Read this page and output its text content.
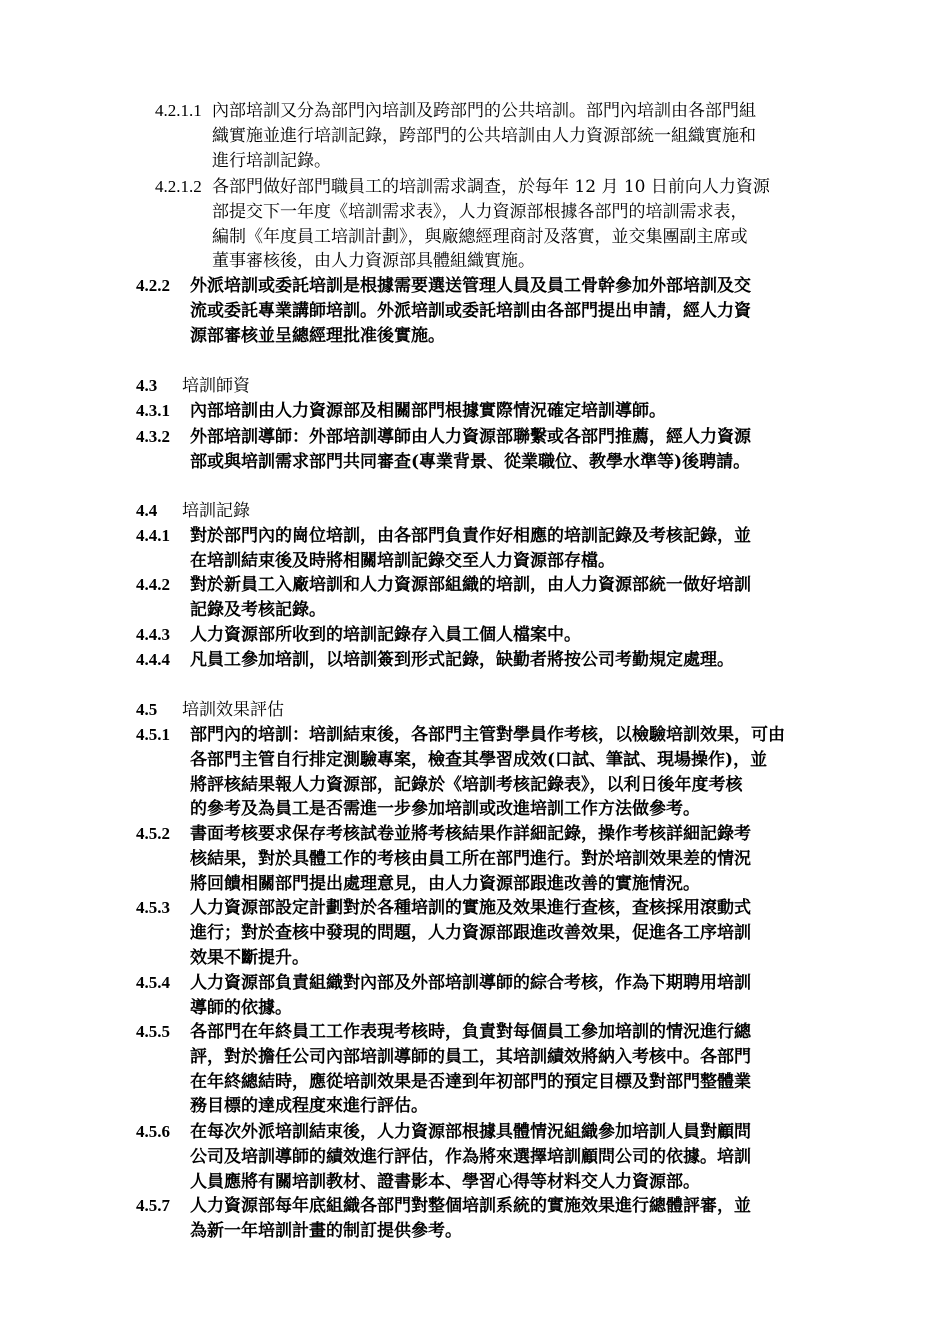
4.2.1.1 內部培訓又分為部門內培訓及跨部門的公共培訓。部門內培訓由各部門組
織實施並進行培訓記錄，跨部門的公共培訓由人力資源部統一組織實施和
進行培訓記錄。
4.2.1.2 各部門做好部門職員工的培訓需求調查，於每年 12 月 10 日前向人力資源
部提交下一年度《培訓需求表》，人力資源部根據各部門的培訓需求表，
編制《年度員工培訓計劃》，與廠總經理商討及落實，並交集團副主席或
董事審核後，由人力資源部具體組織實施。
4.2.2 外派培訓或委託培訓是根據需要選送管理人員及員工骨幹參加外部培訓及交
流或委託專業講師培訓。外派培訓或委託培訓由各部門提出申請，經人力資
源部審核並呈總經理批准後實施。
4.3 培訓師資
4.3.1 內部培訓由人力資源部及相關部門根據實際情況確定培訓導師。
4.3.2 外部培訓導師：外部培訓導師由人力資源部聯繫或各部門推薦，經人力資源
部或與培訓需求部門共同審查(專業背景、從業職位、教學水準等)後聘請。
4.4 培訓記錄
4.4.1 對於部門內的崗位培訓，由各部門負責作好相應的培訓記錄及考核記錄，並
在培訓結束後及時將相關培訓記錄交至人力資源部存檔。
4.4.2 對於新員工入廠培訓和人力資源部組織的培訓，由人力資源部統一做好培訓
記錄及考核記錄。
4.4.3 人力資源部所收到的培訓記錄存入員工個人檔案中。
4.4.4 凡員工參加培訓，以培訓簽到形式記錄，缺勤者將按公司考勤規定處理。
4.5 培訓效果評估
4.5.1 部門內的培訓：培訓結束後，各部門主管對學員作考核，以檢驗培訓效果，可由
各部門主管自行排定測驗專案，檢查其學習成效(口試、筆試、現場操作)，並
將評核結果報人力資源部，記錄於《培訓考核記錄表》，以利日後年度考核
的參考及為員工是否需進一步參加培訓或改進培訓工作方法做參考。
4.5.2 書面考核要求保存考核試卷並將考核結果作詳細記錄，操作考核詳細記錄考
核結果，對於具體工作的考核由員工所在部門進行。對於培訓效果差的情況
將回饋相關部門提出處理意見，由人力資源部跟進改善的實施情況。
4.5.3 人力資源部設定計劃對於各種培訓的實施及效果進行查核，查核採用滾動式
進行；對於查核中發現的問題，人力資源部跟進改善效果，促進各工序培訓
效果不斷提升。
4.5.4 人力資源部負責組織對內部及外部培訓導師的綜合考核，作為下期聘用培訓
導師的依據。
4.5.5 各部門在年終員工工作表現考核時，負責對每個員工參加培訓的情況進行總
評，對於擔任公司內部培訓導師的員工，其培訓績效將納入考核中。各部門
在年終總結時，應從培訓效果是否達到年初部門的預定目標及對部門整體業
務目標的達成程度來進行評估。
4.5.6 在每次外派培訓結束後，人力資源部根據具體情況組織參加培訓人員對顧問
公司及培訓導師的績效進行評估，作為將來選擇培訓顧問公司的依據。培訓
人員應將有關培訓教材、證書影本、學習心得等材料交人力資源部。
4.5.7 人力資源部每年底組織各部門對整個培訓系統的實施效果進行總體評審，並
為新一年培訓計畫的制訂提供參考。
